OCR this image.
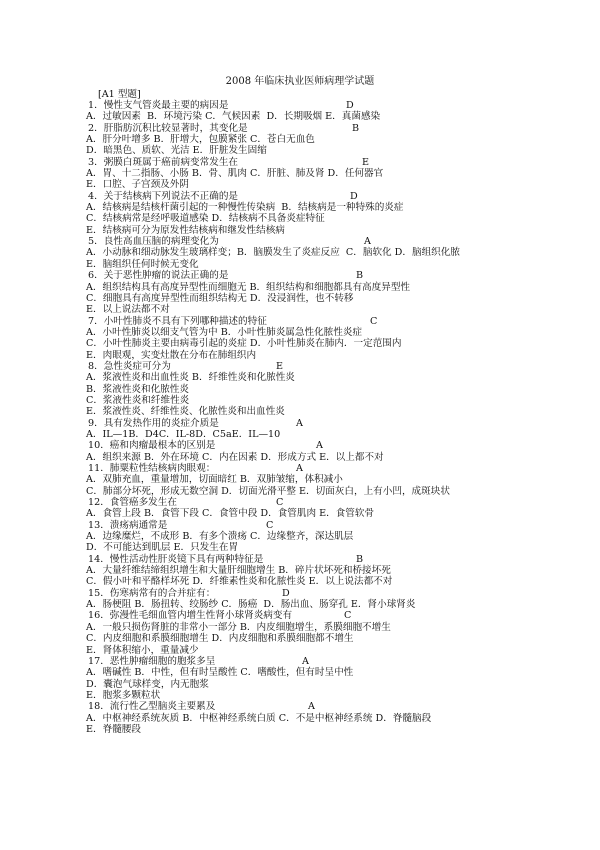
2008 年临床执业医师病理学试题
[A1 型题]
1．慢性支气管炎最主要的病因是	D
A．过敏因素  B．环境污染 C．气候因素  D．长期吸烟 E．真菌感染
2．肝脂肪沉积比较显著时，其变化是	B
A．肝分叶增多 B．肝增大，包膜紧张 C．苍白无血色
D．暗黑色、质软、光洁 E．肝脏发生固缩
3．粥膜白斑属于癌前病变常发生在	E
A．胃、十二指肠、小肠 B．骨、肌肉 C．肝脏、肺及肾 D．任何器官
E．口腔、子宫颈及外阴
4．关于结核病下列说法不正确的是	D
A．结核病是结核杆菌引起的一种慢性传染病  B．结核病是一种特殊的炎症
C．结核病常是经呼吸道感染 D．结核病不具备炎症特征
E．结核病可分为原发性结核病和继发性结核病
5．良性高血压脑的病理变化为	A
A．小动脉和细动脉发生玻璃样变；B．脑膜发生了炎症反应  C．脑软化 D．脑组织化脓
E．脑组织任何时候无变化
6．关于恶性肿瘤的说法正确的是	B
A．组织结构具有高度异型性而细胞无 B．组织结构和细胞都具有高度异型性
C．细胞具有高度异型性而组织结构无 D．没浸润性，也不转移
E．以上说法都不对
7．小叶性肺炎不具有下列哪种描述的特征	C
A．小叶性肺炎以细支气管为中 B．小叶性肺炎属急性化脓性炎症
C．小叶性肺炎主要由病毒引起的炎症 D．小叶性肺炎在肺内．一定范围内
E．肉眼观，实变灶散在分布在肺组织内
8．急性炎症可分为	E
A．浆液性炎和出血性炎 B．纤维性炎和化脓性炎
B．浆液性炎和化脓性炎
C．浆液性炎和纤维性炎
E．浆液性炎、纤维性炎、化脓性炎和出血性炎
9．具有发热作用的炎症介质是	A
A．IL—1B．D4C．IL-8D．C5aE．IL—10
10．癌和肉瘤最根本的区别是	A
A．组织来源 B．外在环境 C．内在因素 D．形成方式 E．以上都不对
11．肺粟粒性结核病肉眼观：	A
A．双肺充血，重量增加，切面暗红 B．双肺皱缩，体积减小
C．肺部分坏死，形成无数空洞 D．切面光滑平整 E．切面灰白，上有小凹，成斑块状
12．食管癌多发生在	C
A．食管上段 B．食管下段 C．食管中段 D．食管肌肉 E．食管软骨
13．溃疡病通常是	C
A．边缘糜烂，不成形 B．有多个溃疡 C．边缘整齐，深达肌层
D．不可能达到肌层 E．只发生在胃
14．慢性活动性肝炎镜下具有两种特征是	B
A．大量纤维结缔组织增生和大量肝细胞增生 B．碎片状坏死和桥接坏死
C．假小叶和平酪样坏死 D．纤维素性炎和化脓性炎 E．以上说法都不对
15．伤寒病常有的合并症有：	D
A．肠梗阻 B．肠扭转、绞肠纱 C．肠癌  D．肠出血、肠穿孔 E．肾小球肾炎
16．弥漫性毛细血管内增生性肾小球肾炎病变有	C
A．一般只损伤肾脏的非常小一部分 B．内皮细胞增生，系膜细胞不增生
C．内皮细胞和系膜细胞增生 D．内皮细胞和系膜细胞都不增生
E．肾体积缩小，重量减少
17．恶性肿瘤细胞的胞浆多呈	A
A．嗜碱性 B．中性，但有时呈酸性 C．嗜酸性，但有时呈中性
D．囊泡气球样变，内无胞浆
E．胞浆多颗粒状
18．流行性乙型脑炎主要累及	A
A．中枢神经系统灰质 B．中枢神经系统白质 C．不是中枢神经系统 D．脊髓脑段
E．脊髓腰段
